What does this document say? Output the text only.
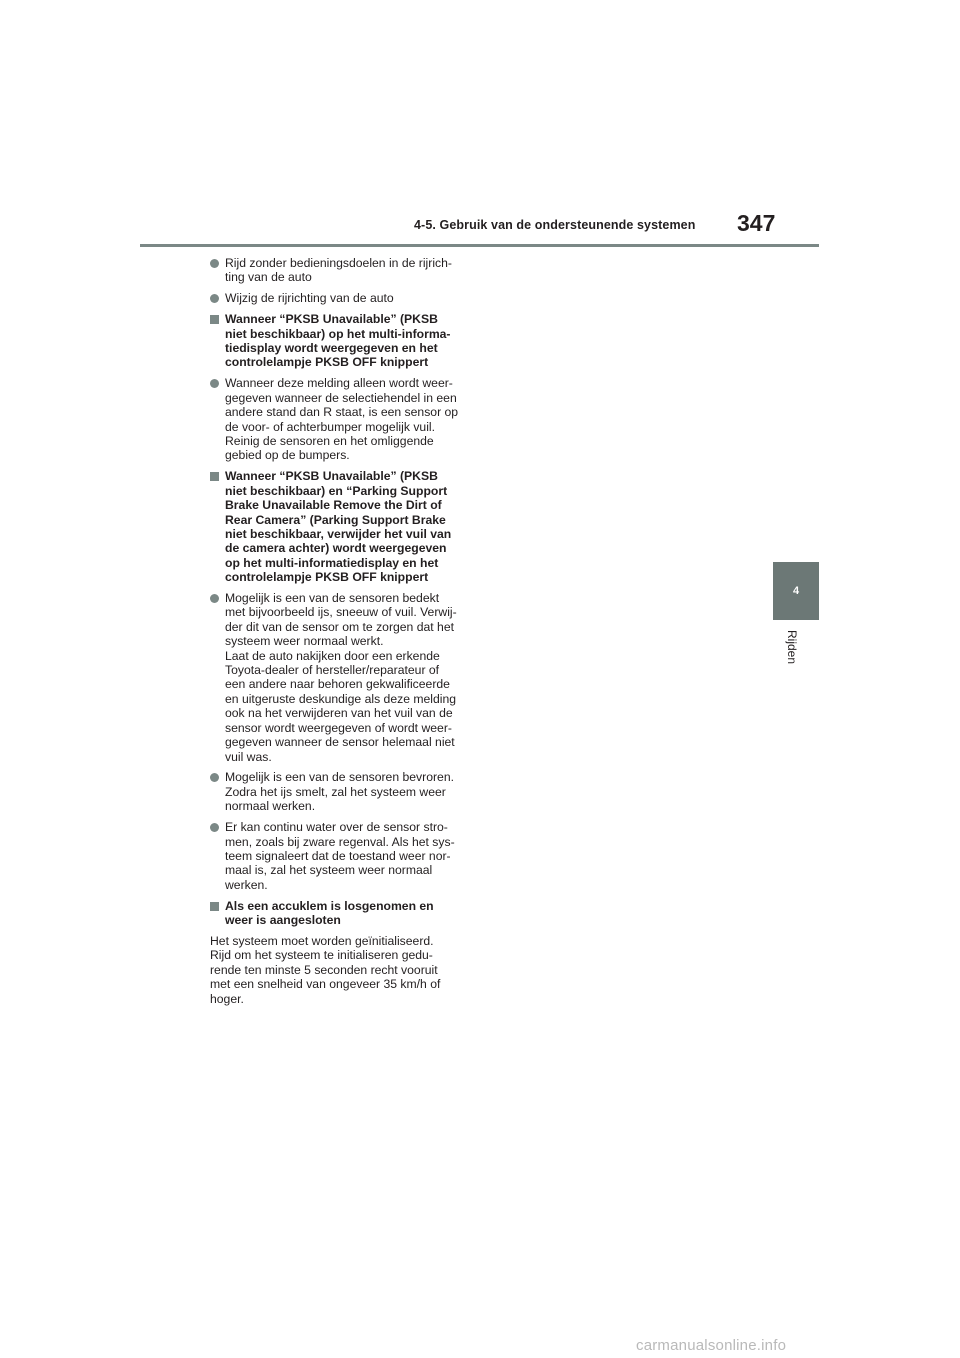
4-5. Gebruik van de ondersteunende systemen 347
4
Rijden
Rijd zonder bedieningsdoelen in de rijrich-
ting van de auto
Wijzig de rijrichting van de auto
Wanneer “PKSB Unavailable” (PKSB
niet beschikbaar) op het multi-informa-
tiedisplay wordt weergegeven en het
controlelampje PKSB OFF knippert
Wanneer deze melding alleen wordt weer-
gegeven wanneer de selectiehendel in een
andere stand dan R staat, is een sensor op
de voor- of achterbumper mogelijk vuil.
Reinig de sensoren en het omliggende
gebied op de bumpers.
Wanneer “PKSB Unavailable” (PKSB
niet beschikbaar) en “Parking Support
Brake Unavailable Remove the Dirt of
Rear Camera” (Parking Support Brake
niet beschikbaar, verwijder het vuil van
de camera achter) wordt weergegeven
op het multi-informatiedisplay en het
controlelampje PKSB OFF knippert
Mogelijk is een van de sensoren bedekt
met bijvoorbeeld ijs, sneeuw of vuil. Verwij-
der dit van de sensor om te zorgen dat het
systeem weer normaal werkt.
Laat de auto nakijken door een erkende
Toyota-dealer of hersteller/reparateur of
een andere naar behoren gekwalificeerde
en uitgeruste deskundige als deze melding
ook na het verwijderen van het vuil van de
sensor wordt weergegeven of wordt weer-
gegeven wanneer de sensor helemaal niet
vuil was.
Mogelijk is een van de sensoren bevroren.
Zodra het ijs smelt, zal het systeem weer
normaal werken.
Er kan continu water over de sensor stro-
men, zoals bij zware regenval. Als het sys-
teem signaleert dat de toestand weer nor-
maal is, zal het systeem weer normaal
werken.
Als een accuklem is losgenomen en
weer is aangesloten
Het systeem moet worden geïnitialiseerd.
Rijd om het systeem te initialiseren gedu-
rende ten minste 5 seconden recht vooruit
met een snelheid van ongeveer 35 km/h of
hoger.
carmanualsonline.info
